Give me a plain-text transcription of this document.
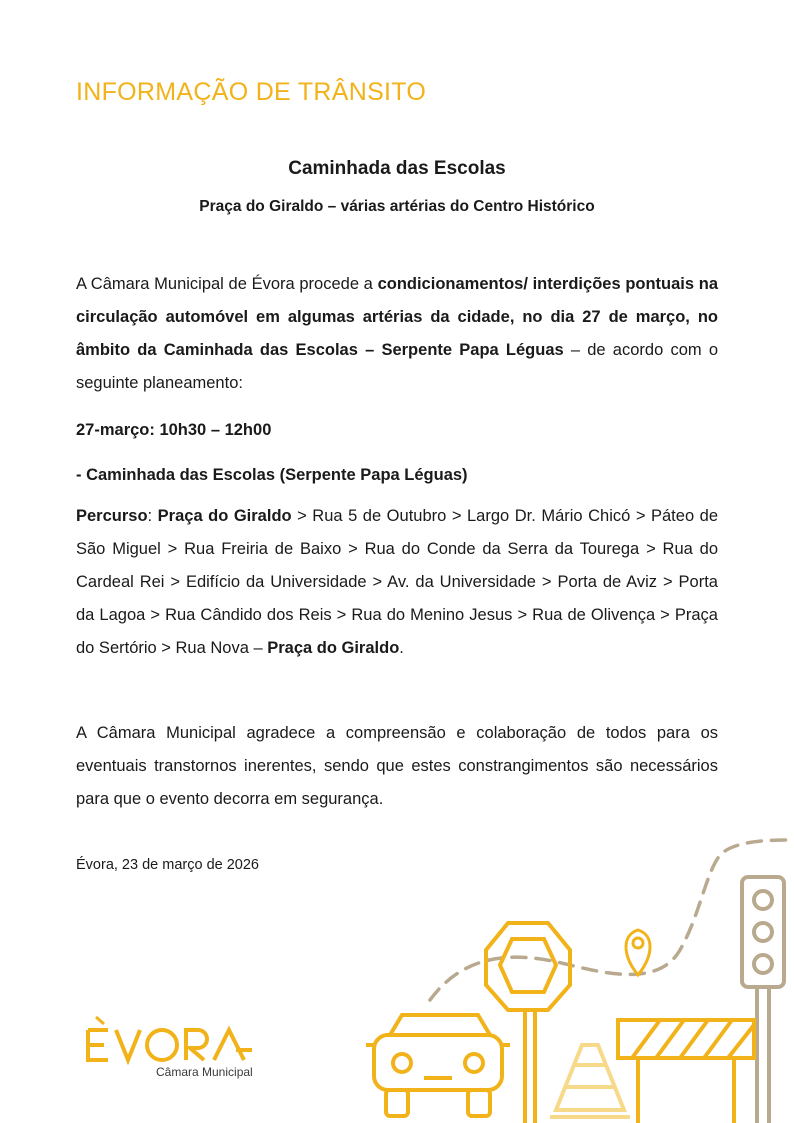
INFORMAÇÃO DE TRÂNSITO
Caminhada das Escolas
Praça do Giraldo – várias artérias do Centro Histórico

A Câmara Municipal de Évora procede a condicionamentos/ interdições pontuais na circulação automóvel em algumas artérias da cidade, no dia 27 de março, no âmbito da Caminhada das Escolas – Serpente Papa Léguas – de acordo com o seguinte planeamento:

27-março: 10h30 – 12h00

- Caminhada das Escolas (Serpente Papa Léguas)

Percurso: Praça do Giraldo > Rua 5 de Outubro > Largo Dr. Mário Chicó > Páteo de São Miguel > Rua Freiria de Baixo > Rua do Conde da Serra da Tourega > Rua do Cardeal Rei > Edifício da Universidade > Av. da Universidade > Porta de Aviz > Porta da Lagoa > Rua Cândido dos Reis > Rua do Menino Jesus > Rua de Olivença > Praça do Sertório > Rua Nova – Praça do Giraldo.

A Câmara Municipal agradece a compreensão e colaboração de todos para os eventuais transtornos inerentes, sendo que estes constrangimentos são necessários para que o evento decorra em segurança.

Évora, 23 de março de 2026
Câmara Municipal
